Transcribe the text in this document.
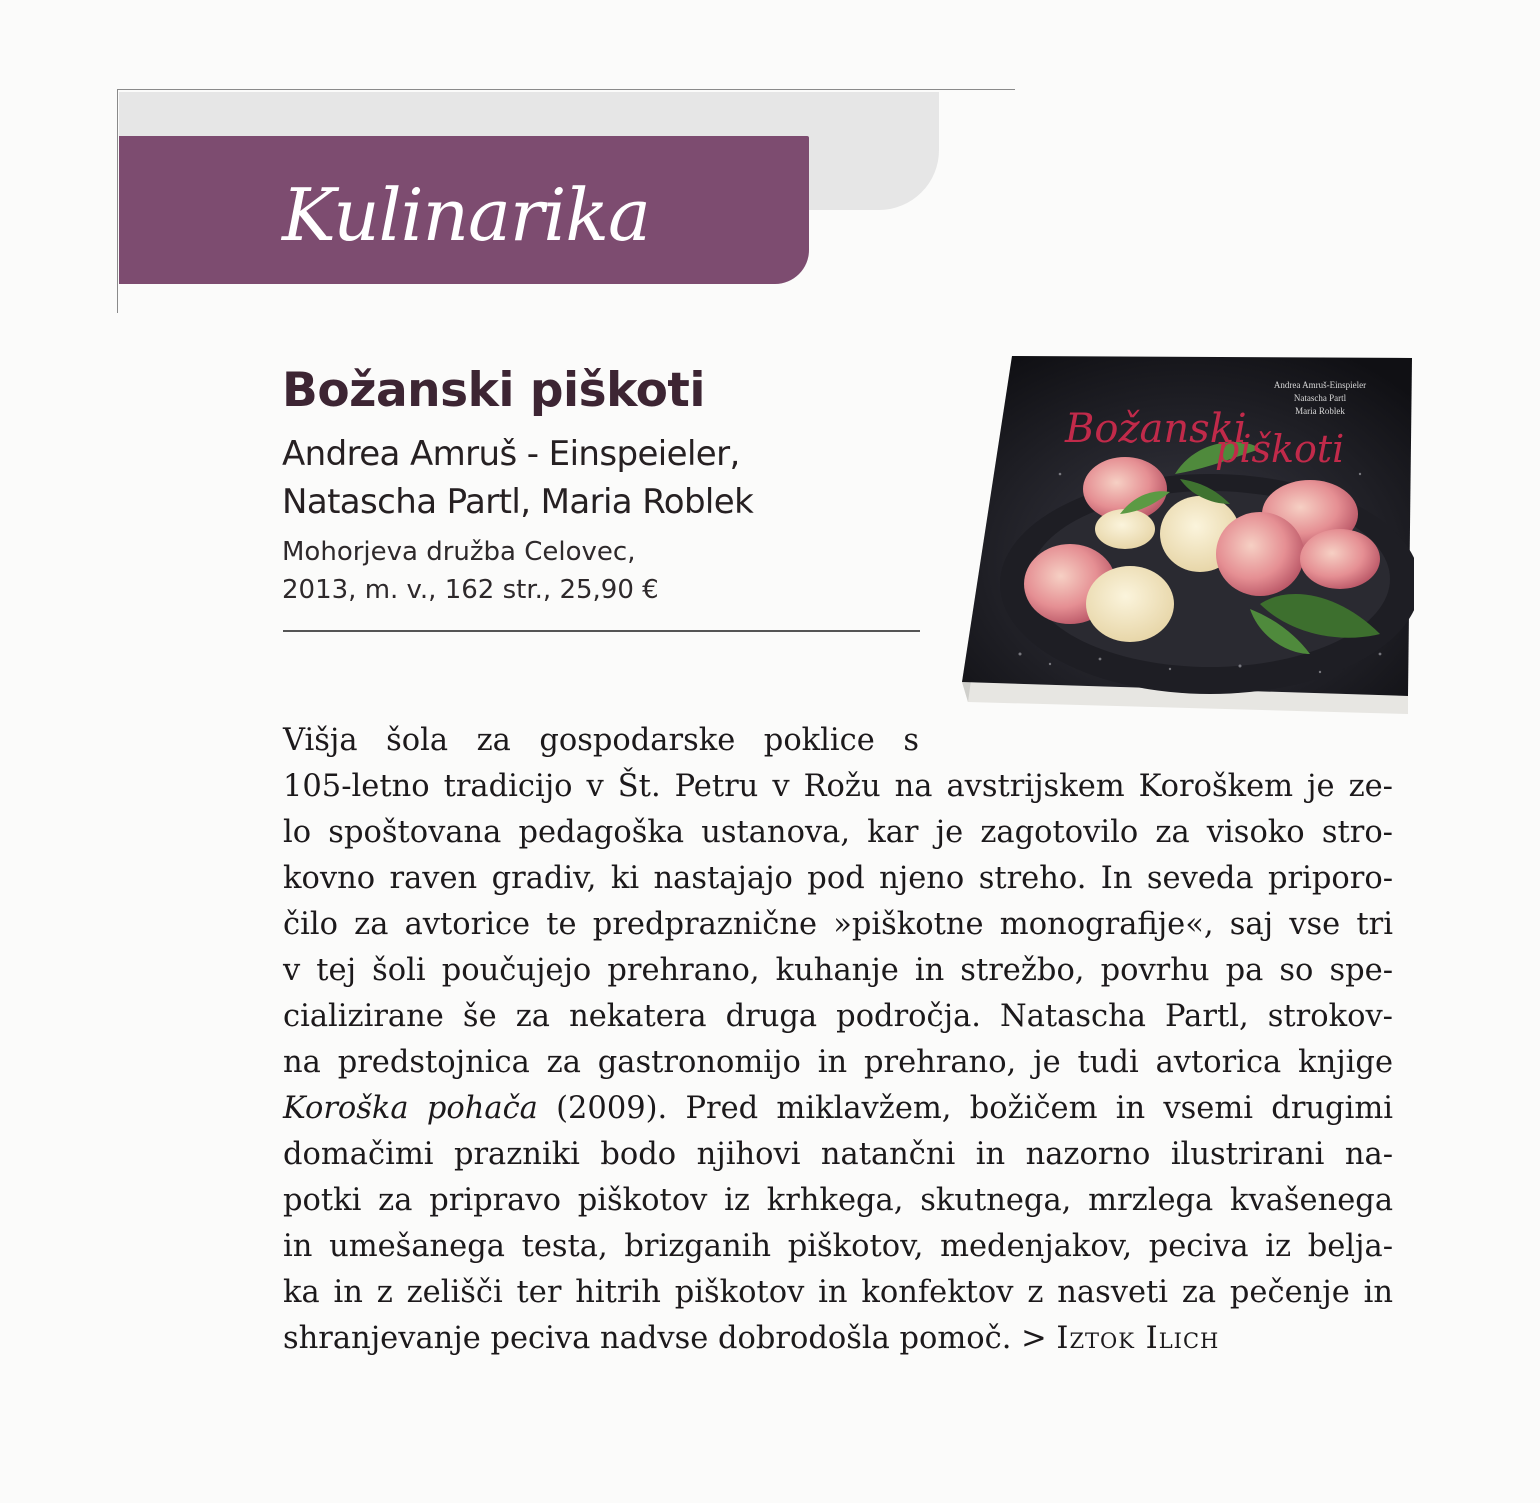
Kulinarika
Božanski piškoti
Andrea Amruš - Einspeieler,
Natascha Partl, Maria Roblek
Mohorjeva družba Celovec,
2013, m. v., 162 str., 25,90 €
Andrea Amruš-Einspieler
Natascha Partl
Maria Roblek
Božanski
piškoti
Višja šola za gospodarske poklice s
105-letno tradicijo v Št. Petru v Rožu na avstrijskem Koroškem je ze-
lo spoštovana pedagoška ustanova, kar je zagotovilo za visoko stro-
kovno raven gradiv, ki nastajajo pod njeno streho. In seveda priporo-
čilo za avtorice te predpraznične »piškotne monografije«, saj vse tri
v tej šoli poučujejo prehrano, kuhanje in strežbo, povrhu pa so spe-
cializirane še za nekatera druga področja. Natascha Partl, strokov-
na predstojnica za gastronomijo in prehrano, je tudi avtorica knjige
Koroška pohača (2009). Pred miklavžem, božičem in vsemi drugimi
domačimi prazniki bodo njihovi natančni in nazorno ilustrirani na-
potki za pripravo piškotov iz krhkega, skutnega, mrzlega kvašenega
in umešanega testa, brizganih piškotov, medenjakov, peciva iz belja-
ka in z zelišči ter hitrih piškotov in konfektov z nasveti za pečenje in
shranjevanje peciva nadvse dobrodošla pomoč. > Iztok Ilich
